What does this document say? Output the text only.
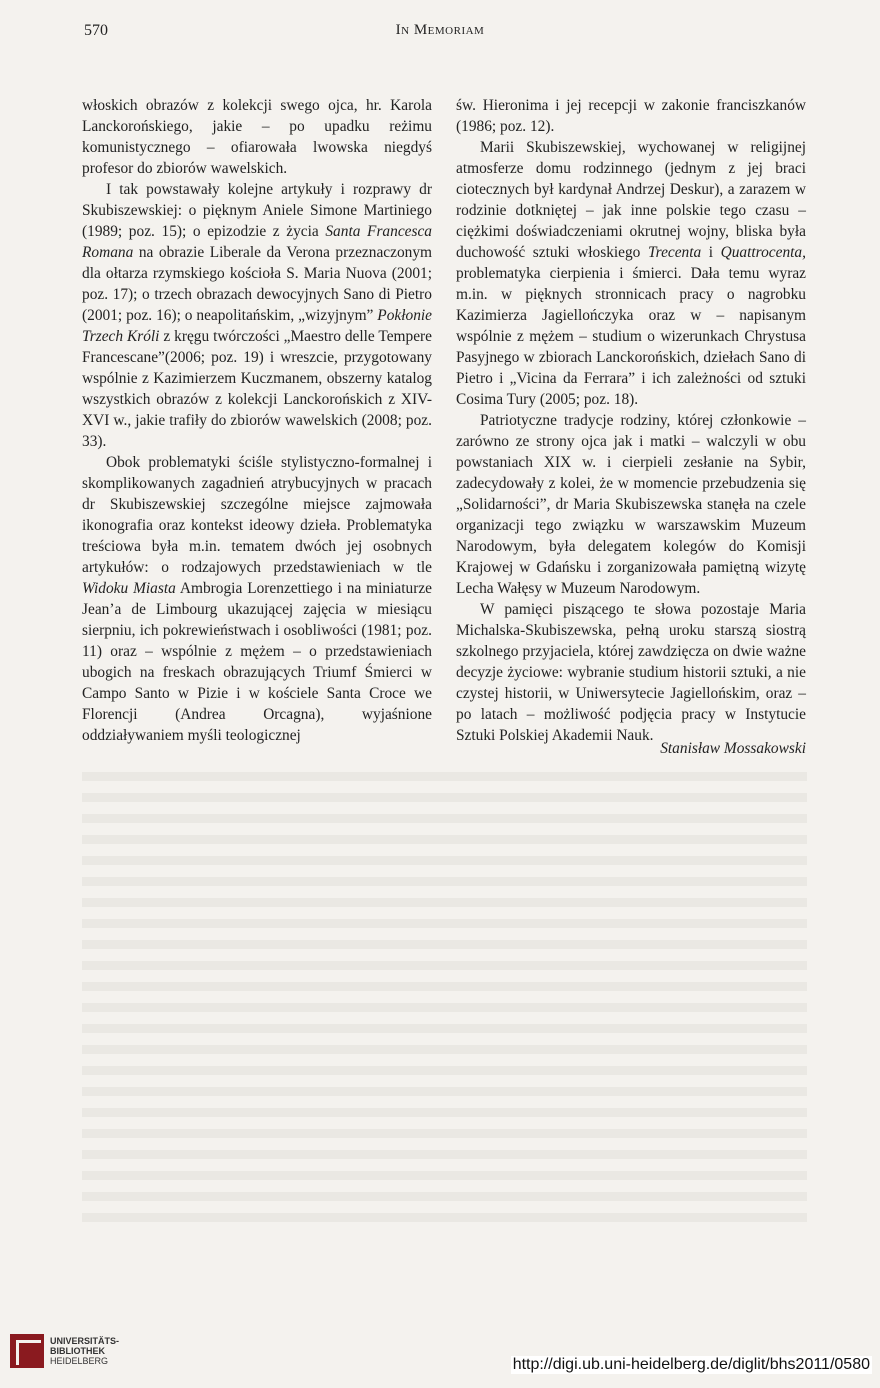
570	In Memoriam

włoskich obrazów z kolekcji swego ojca, hr. Karola Lanckorońskiego, jakie – po upadku reżimu komunistycznego – ofiarowała lwowska niegdyś profesor do zbiorów wawelskich.

I tak powstawały kolejne artykuły i rozprawy dr Skubiszewskiej: o pięknym Aniele Simone Martiniego (1989; poz. 15); o epizodzie z życia Santa Francesca Romana na obrazie Liberale da Verona przeznaczonym dla ołtarza rzymskiego kościoła S. Maria Nuova (2001; poz. 17); o trzech obrazach dewocyjnych Sano di Pietro (2001; poz. 16); o neapolitańskim, „wizyjnym” Pokłonie Trzech Króli z kręgu twórczości „Maestro delle Tempere Francescane”(2006; poz. 19) i wreszcie, przygotowany wspólnie z Kazimierzem Kuczmanem, obszerny katalog wszystkich obrazów z kolekcji Lanckorońskich z XIV-XVI w., jakie trafiły do zbiorów wawelskich (2008; poz. 33).

Obok problematyki ściśle stylistyczno-formalnej i skomplikowanych zagadnień atrybucyjnych w pracach dr Skubiszewskiej szczególne miejsce zajmowała ikonografia oraz kontekst ideowy dzieła. Problematyka treściowa była m.in. tematem dwóch jej osobnych artykułów: o rodzajowych przedstawieniach w tle Widoku Miasta Ambrogia Lorenzettiego i na miniaturze Jean’a de Limbourg ukazującej zajęcia w miesiącu sierpniu, ich pokrewieństwach i osobliwości (1981; poz. 11) oraz – wspólnie z mężem – o przedstawieniach ubogich na freskach obrazujących Triumf Śmierci w Campo Santo w Pizie i w kościele Santa Croce we Florencji (Andrea Orcagna), wyjaśnione oddziaływaniem myśli teologicznej

św. Hieronima i jej recepcji w zakonie franciszkanów (1986; poz. 12).

Marii Skubiszewskiej, wychowanej w religijnej atmosferze domu rodzinnego (jednym z jej braci ciotecznych był kardynał Andrzej Deskur), a zarazem w rodzinie dotkniętej – jak inne polskie tego czasu – ciężkimi doświadczeniami okrutnej wojny, bliska była duchowość sztuki włoskiego Trecenta i Quattrocenta, problematyka cierpienia i śmierci. Dała temu wyraz m.in. w pięknych stronnicach pracy o nagrobku Kazimierza Jagiellończyka oraz w – napisanym wspólnie z mężem – studium o wizerunkach Chrystusa Pasyjnego w zbiorach Lanckorońskich, dziełach Sano di Pietro i „Vicina da Ferrara” i ich zależności od sztuki Cosima Tury (2005; poz. 18).

Patriotyczne tradycje rodziny, której członkowie – zarówno ze strony ojca jak i matki – walczyli w obu powstaniach XIX w. i cierpieli zesłanie na Sybir, zadecydowały z kolei, że w momencie przebudzenia się „Solidarności”, dr Maria Skubiszewska stanęła na czele organizacji tego związku w warszawskim Muzeum Narodowym, była delegatem kolegów do Komisji Krajowej w Gdańsku i zorganizowała pamiętną wizytę Lecha Wałęsy w Muzeum Narodowym.

W pamięci piszącego te słowa pozostaje Maria Michalska-Skubiszewska, pełną uroku starszą siostrą szkolnego przyjaciela, której zawdzięcza on dwie ważne decyzje życiowe: wybranie studium historii sztuki, a nie czystej historii, w Uniwersytecie Jagiellońskim, oraz – po latach – możliwość podjęcia pracy w Instytucie Sztuki Polskiej Akademii Nauk.

Stanisław Mossakowski
UNIVERSITÄTS-
BIBLIOTHEK
HEIDELBERG	http://digi.ub.uni-heidelberg.de/diglit/bhs2011/0580
